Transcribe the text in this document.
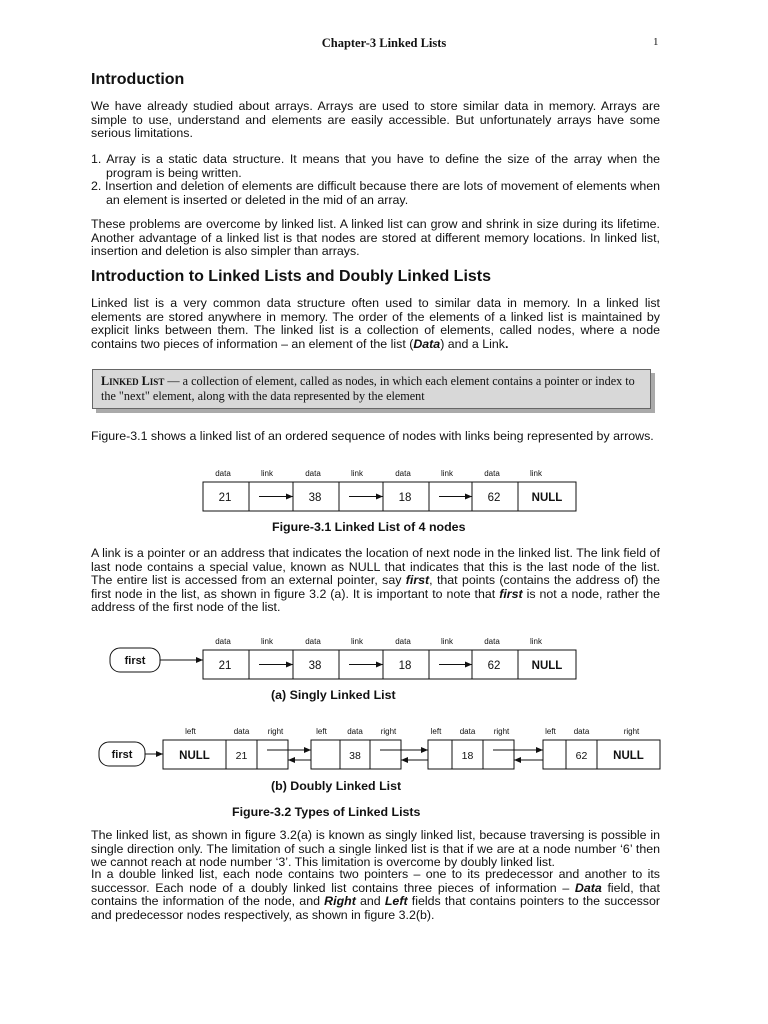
Chapter-3 Linked Lists	1
Introduction
We have already studied about arrays. Arrays are used to store similar data in memory. Arrays are simple to use, understand and elements are easily accessible. But unfortunately arrays have some serious limitations.
1. Array is a static data structure. It means that you have to define the size of the array when the program is being written.
2. Insertion and deletion of elements are difficult because there are lots of movement of elements when an element is inserted or deleted in the mid of an array.
These problems are overcome by linked list. A linked list can grow and shrink in size during its lifetime. Another advantage of a linked list is that nodes are stored at different memory locations. In linked list, insertion and deletion is also simpler than arrays.
Introduction to Linked Lists and Doubly Linked Lists
Linked list is a very common data structure often used to similar data in memory. In a linked list elements are stored anywhere in memory. The order of the elements of a linked list is maintained by explicit links between them. The linked list is a collection of elements, called nodes, where a node contains two pieces of information – an element of the list (Data) and a Link.
Linked List — a collection of element, called as nodes, in which each element contains a pointer or index to the "next" element, along with the data represented by the element
Figure-3.1 shows a linked list of an ordered sequence of nodes with links being represented by arrows.
data	link
21
data	link
38
data	link
18
data	link
62	NULL
Figure-3.1 Linked List of 4 nodes
A link is a pointer or an address that indicates the location of next node in the linked list. The link field of last node contains a special value, known as NULL that indicates that this is the last node of the list. The entire list is accessed from an external pointer, say first, that points (contains the address of) the first node in the list, as shown in figure 3.2 (a). It is important to note that first is not a node, rather the address of the first node of the list.
data	link
21
data	link
38
data	link
18
data	link
62	NULL
first
(a) Singly Linked List
first
left	data right
NULL 21
left	data right
38
left data right
18
left data	right
62 NULL
(b) Doubly Linked List
Figure-3.2 Types of Linked Lists
The linked list, as shown in figure 3.2(a) is known as singly linked list, because traversing is possible in single direction only. The limitation of such a single linked list is that if we are at a node number ‘6’ then we cannot reach at node number ‘3’. This limitation is overcome by doubly linked list.
In a double linked list, each node contains two pointers – one to its predecessor and another to its successor. Each node of a doubly linked list contains three pieces of information – Data field, that contains the information of the node, and Right and Left fields that contains pointers to the successor and predecessor nodes respectively, as shown in figure 3.2(b).
